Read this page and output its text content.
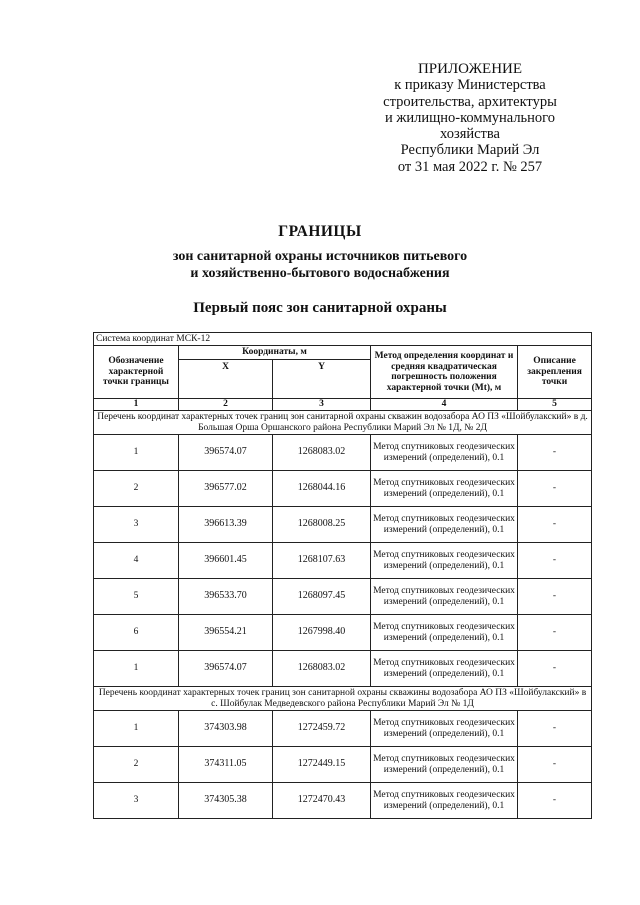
ПРИЛОЖЕНИЕ
к приказу Министерства
строительства, архитектуры
и жилищно-коммунального
хозяйства
Республики Марий Эл
от 31 мая 2022 г. № 257
ГРАНИЦЫ
зон санитарной охраны источников питьевого
и хозяйственно-бытового водоснабжения
Первый пояс зон санитарной охраны
Система координат МСК-12				
Обозначение характерной точки границы	Координаты, м		Метод определения координат и средняя квадратическая погрешность положения характерной точки (Mt), м	Описание закрепления точки
	X	Y		
1	2	3	4	5
Перечень координат характерных точек границ зон санитарной охраны скважин водозабора АО ПЗ «Шойбулакский» в д. Большая Орша Оршанского района Республики Марий Эл № 1Д, № 2Д				
1	396574.07	1268083.02	Метод спутниковых геодезических измерений (определений), 0.1	-
2	396577.02	1268044.16	Метод спутниковых геодезических измерений (определений), 0.1	-
3	396613.39	1268008.25	Метод спутниковых геодезических измерений (определений), 0.1	-
4	396601.45	1268107.63	Метод спутниковых геодезических измерений (определений), 0.1	-
5	396533.70	1268097.45	Метод спутниковых геодезических измерений (определений), 0.1	-
6	396554.21	1267998.40	Метод спутниковых геодезических измерений (определений), 0.1	-
1	396574.07	1268083.02	Метод спутниковых геодезических измерений (определений), 0.1	-
Перечень координат характерных точек границ зон санитарной охраны скважины водозабора АО ПЗ «Шойбулакский» в с. Шойбулак Медведевского района Республики Марий Эл № 1Д				
1	374303.98	1272459.72	Метод спутниковых геодезических измерений (определений), 0.1	-
2	374311.05	1272449.15	Метод спутниковых геодезических измерений (определений), 0.1	-
3	374305.38	1272470.43	Метод спутниковых геодезических измерений (определений), 0.1	-
